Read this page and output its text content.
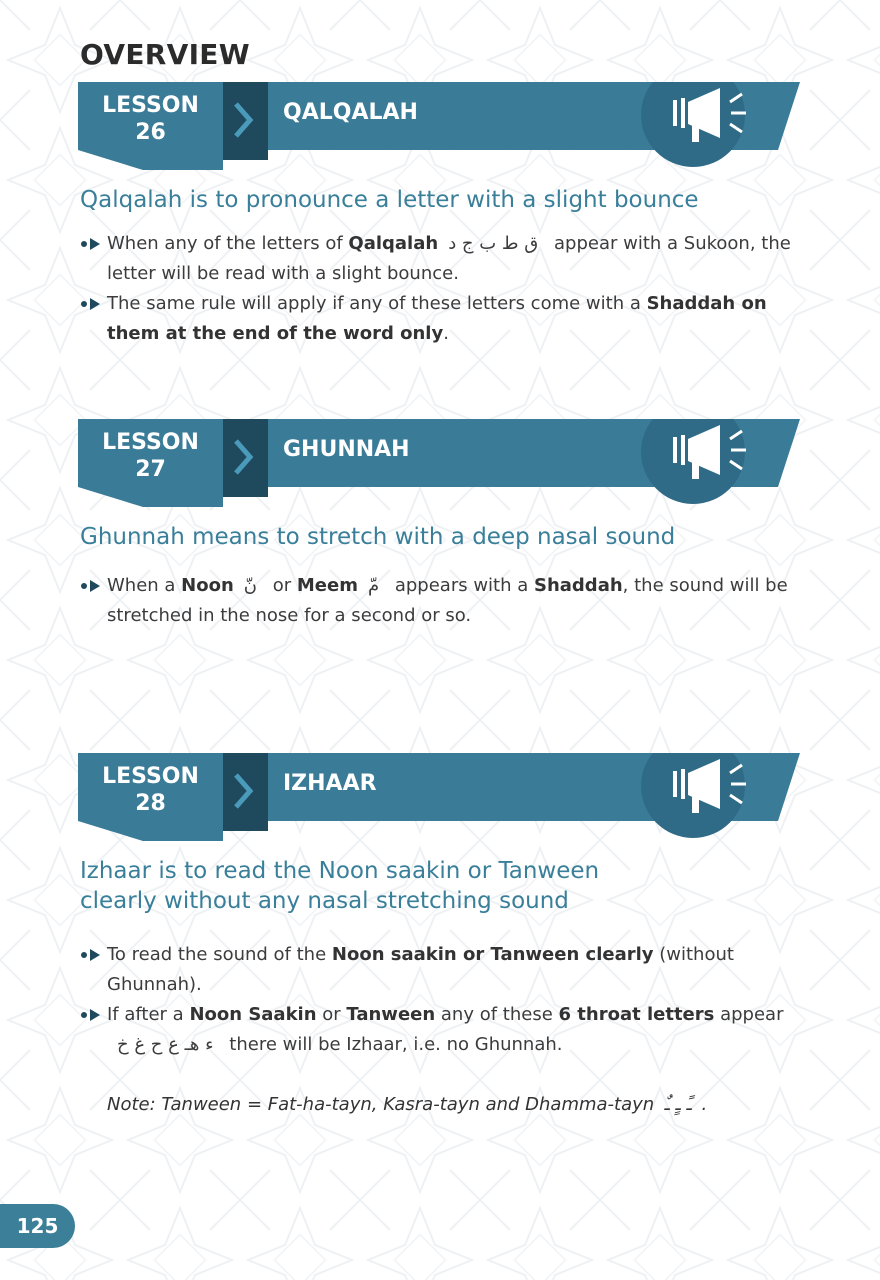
OVERVIEW
LESSON
26
QALQALAH
Qalqalah is to pronounce a letter with a slight bounce
When any of the letters of Qalqalah ق ط ب ج د appear with a Sukoon, the letter will be read with a slight bounce.
The same rule will apply if any of these letters come with a Shaddah on them at the end of the word only.
LESSON
27
GHUNNAH
Ghunnah means to stretch with a deep nasal sound
When a Noon نّ or Meem مّ appears with a Shaddah, the sound will be stretched in the nose for a second or so.
LESSON
28
IZHAAR
Izhaar is to read the Noon saakin or Tanween
clearly without any nasal stretching sound
To read the sound of the Noon saakin or Tanween clearly (without Ghunnah).
If after a Noon Saakin or Tanween any of these 6 throat letters appear ء هـ ع ح غ خ there will be Izhaar, i.e. no Ghunnah.
Note: Tanween = Fat-ha-tayn, Kasra-tayn and Dhamma-tayn ـً ـٍ ـٌ .
125
